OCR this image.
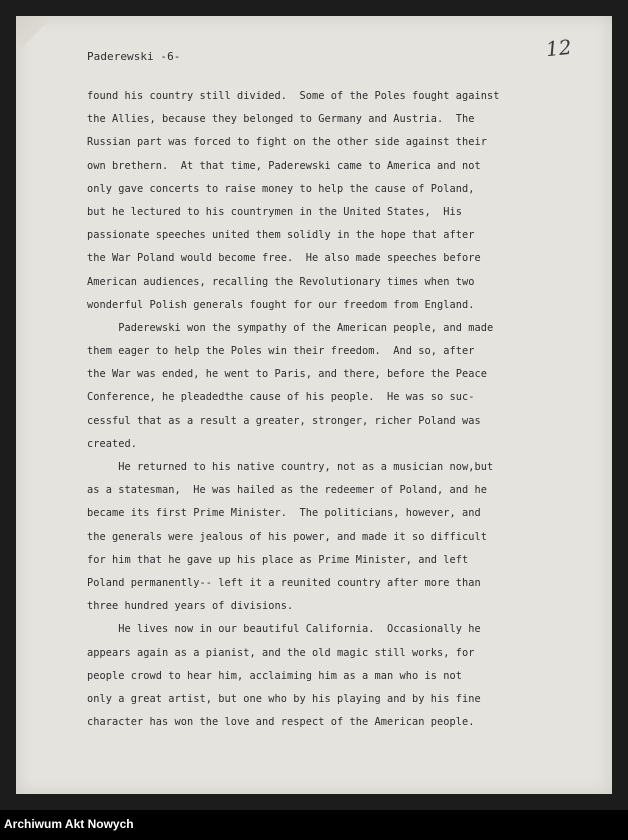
Paderewski -6-	12
found his country still divided.  Some of the Poles fought against
the Allies, because they belonged to Germany and Austria.  The
Russian part was forced to fight on the other side against their
own brethern.  At that time, Paderewski came to America and not
only gave concerts to raise money to help the cause of Poland,
but he lectured to his countrymen in the United States,  His
passionate speeches united them solidly in the hope that after
the War Poland would become free.  He also made speeches before
American audiences, recalling the Revolutionary times when two
wonderful Polish generals fought for our freedom from England.
Paderewski won the sympathy of the American people, and made
them eager to help the Poles win their freedom.  And so, after
the War was ended, he went to Paris, and there, before the Peace
Conference, he pleadedthe cause of his people.  He was so suc-
cessful that as a result a greater, stronger, richer Poland was
created.
He returned to his native country, not as a musician now,but
as a statesman,  He was hailed as the redeemer of Poland, and he
became its first Prime Minister.  The politicians, however, and
the generals were jealous of his power, and made it so difficult
for him that he gave up his place as Prime Minister, and left
Poland permanently-- left it a reunited country after more than
three hundred years of divisions.
He lives now in our beautiful California.  Occasionally he
appears again as a pianist, and the old magic still works, for
people crowd to hear him, acclaiming him as a man who is not
only a great artist, but one who by his playing and by his fine
character has won the love and respect of the American people.
Archiwum Akt Nowych
